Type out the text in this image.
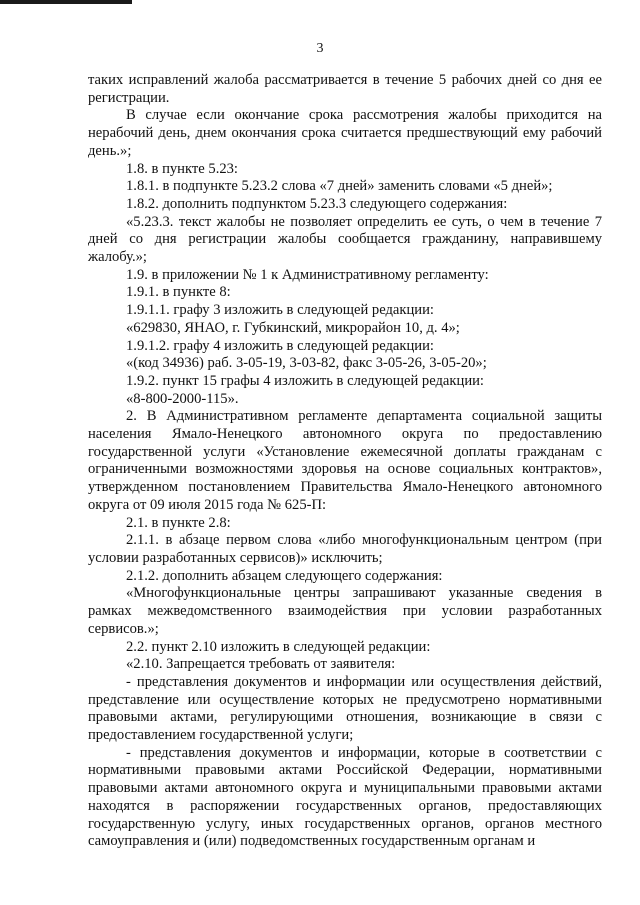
3

таких исправлений жалоба рассматривается в течение 5 рабочих дней со дня ее регистрации.

В случае если окончание срока рассмотрения жалобы приходится на нерабочий день, днем окончания срока считается предшествующий ему рабочий день.»;

1.8. в пункте 5.23:

1.8.1. в подпункте 5.23.2 слова «7 дней» заменить словами «5 дней»;

1.8.2. дополнить подпунктом 5.23.3 следующего содержания:

«5.23.3. текст жалобы не позволяет определить ее суть, о чем в течение 7 дней со дня регистрации жалобы сообщается гражданину, направившему жалобу.»;

1.9. в приложении № 1 к Административному регламенту:

1.9.1. в пункте 8:

1.9.1.1. графу 3 изложить в следующей редакции:

«629830, ЯНАО, г. Губкинский, микрорайон 10, д. 4»;

1.9.1.2. графу 4 изложить в следующей редакции:

«(код 34936) раб. 3-05-19, 3-03-82, факс 3-05-26, 3-05-20»;

1.9.2. пункт 15 графы 4 изложить в следующей редакции:

«8-800-2000-115».

2. В Административном регламенте департамента социальной защиты населения Ямало-Ненецкого автономного округа по предоставлению государственной услуги «Установление ежемесячной доплаты гражданам с ограниченными возможностями здоровья на основе социальных контрактов», утвержденном постановлением Правительства Ямало-Ненецкого автономного округа от 09 июля 2015 года № 625-П:

2.1. в пункте 2.8:

2.1.1. в абзаце первом слова «либо многофункциональным центром (при условии разработанных сервисов)» исключить;

2.1.2. дополнить абзацем следующего содержания:

«Многофункциональные центры запрашивают указанные сведения в рамках межведомственного взаимодействия при условии разработанных сервисов.»;

2.2. пункт 2.10 изложить в следующей редакции:

«2.10. Запрещается требовать от заявителя:

- представления документов и информации или осуществления действий, представление или осуществление которых не предусмотрено нормативными правовыми актами, регулирующими отношения, возникающие в связи с предоставлением государственной услуги;

- представления документов и информации, которые в соответствии с нормативными правовыми актами Российской Федерации, нормативными правовыми актами автономного округа и муниципальными правовыми актами находятся в распоряжении государственных органов, предоставляющих государственную услугу, иных государственных органов, органов местного самоуправления и (или) подведомственных государственным органам и
